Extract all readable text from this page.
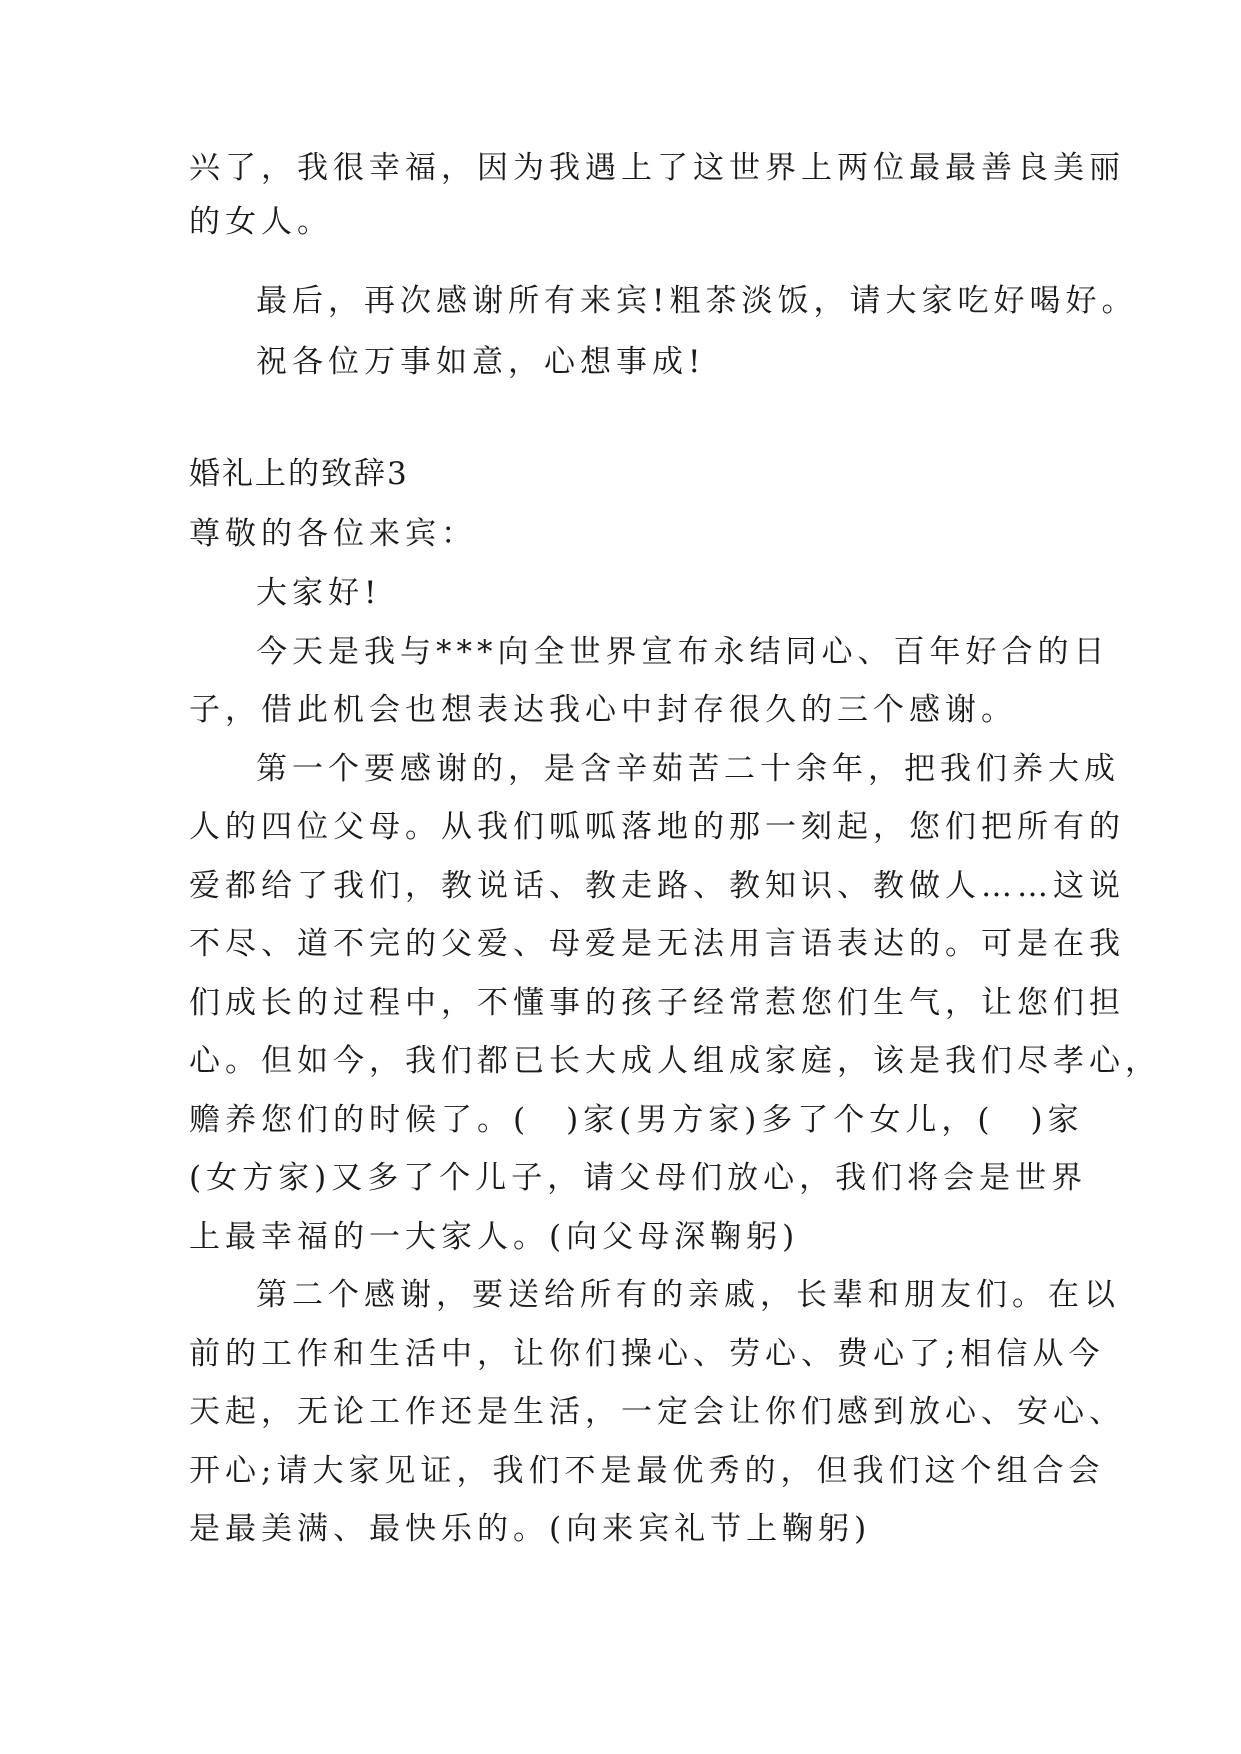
兴了，我很幸福，因为我遇上了这世界上两位最最善良美丽
的女人。
最后，再次感谢所有来宾!粗茶淡饭，请大家吃好喝好。
祝各位万事如意，心想事成!
婚礼上的致辞3
尊敬的各位来宾：
大家好!
今天是我与***向全世界宣布永结同心、百年好合的日
子，借此机会也想表达我心中封存很久的三个感谢。
第一个要感谢的，是含辛茹苦二十余年，把我们养大成
人的四位父母。从我们呱呱落地的那一刻起，您们把所有的
爱都给了我们，教说话、教走路、教知识、教做人……这说
不尽、道不完的父爱、母爱是无法用言语表达的。可是在我
们成长的过程中，不懂事的孩子经常惹您们生气，让您们担
心。但如今，我们都已长大成人组成家庭，该是我们尽孝心，
赡养您们的时候了。(　)家(男方家)多了个女儿，(　)家
(女方家)又多了个儿子，请父母们放心，我们将会是世界
上最幸福的一大家人。(向父母深鞠躬)
第二个感谢，要送给所有的亲戚，长辈和朋友们。在以
前的工作和生活中，让你们操心、劳心、费心了;相信从今
天起，无论工作还是生活，一定会让你们感到放心、安心、
开心;请大家见证，我们不是最优秀的，但我们这个组合会
是最美满、最快乐的。(向来宾礼节上鞠躬)
